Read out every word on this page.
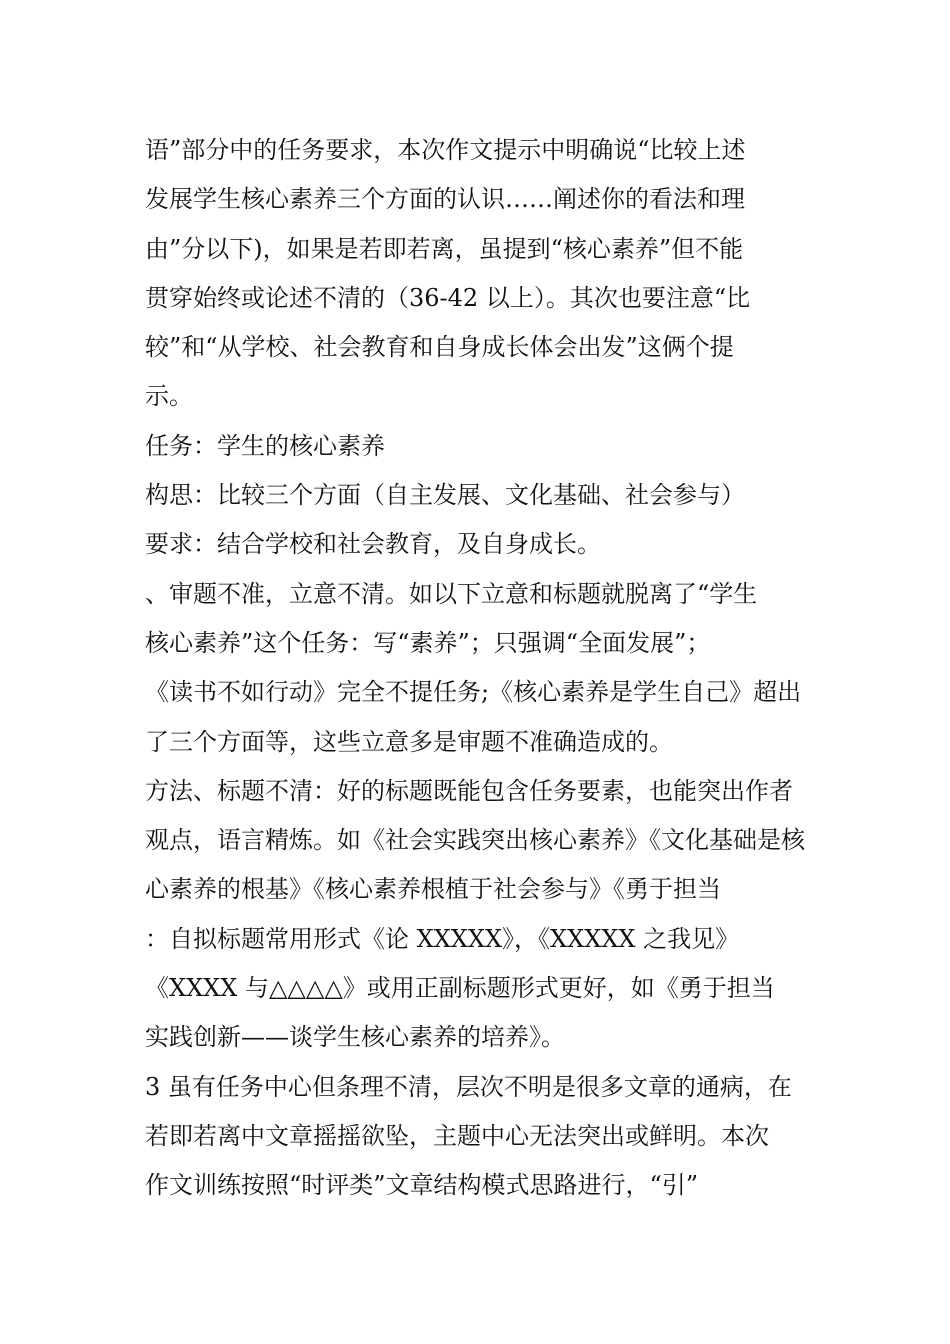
语”部分中的任务要求，本次作文提示中明确说“比较上述
发展学生核心素养三个方面的认识……阐述你的看法和理
由”分以下)，如果是若即若离，虽提到“核心素养”但不能
贯穿始终或论述不清的（36-42 以上）。其次也要注意“比
较”和“从学校、社会教育和自身成长体会出发”这俩个提
示。
任务：学生的核心素养
构思：比较三个方面（自主发展、文化基础、社会参与）
要求：结合学校和社会教育，及自身成长。
、审题不准，立意不清。如以下立意和标题就脱离了“学生
核心素养”这个任务：写“素养”；只强调“全面发展”；
《读书不如行动》完全不提任务;《核心素养是学生自己》超出
了三个方面等，这些立意多是审题不准确造成的。
方法、标题不清：好的标题既能包含任务要素，也能突出作者
观点，语言精炼。如《社会实践突出核心素养》《文化基础是核
心素养的根基》《核心素养根植于社会参与》《勇于担当
：自拟标题常用形式《论 XXXXX》，《XXXXX 之我见》
《XXXX 与△△△△》或用正副标题形式更好，如《勇于担当
实践创新——谈学生核心素养的培养》。
3 虽有任务中心但条理不清，层次不明是很多文章的通病，在
若即若离中文章摇摇欲坠，主题中心无法突出或鲜明。本次
作文训练按照“时评类”文章结构模式思路进行，“引”
